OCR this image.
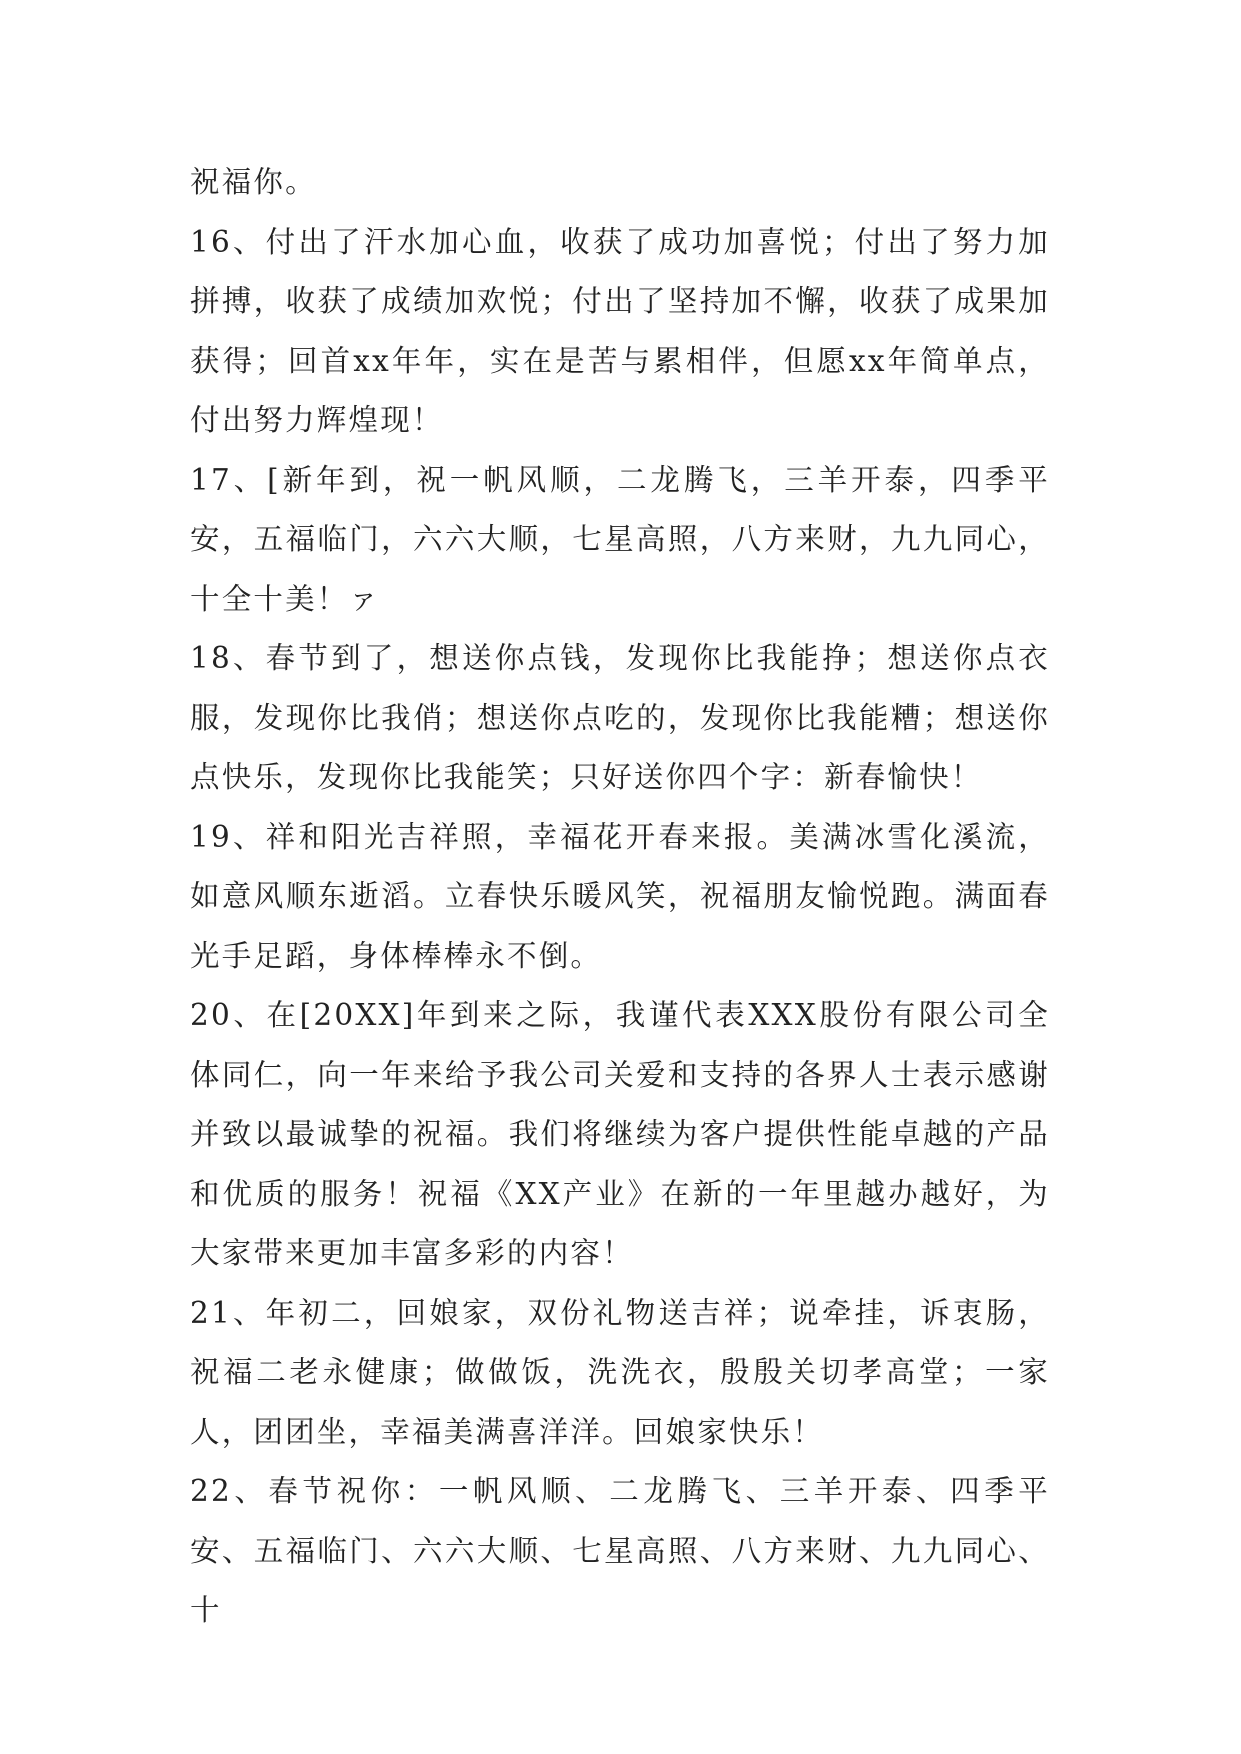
祝福你。

16、付出了汗水加心血，收获了成功加喜悦；付出了努力加拼搏，收获了成绩加欢悦；付出了坚持加不懈，收获了成果加获得；回首xx年年，实在是苦与累相伴，但愿xx年简单点，付出努力辉煌现！

17、[新年到，祝一帆风顺，二龙腾飞，三羊开泰，四季平安，五福临门，六六大顺，七星高照，八方来财，九九同心，十全十美！ァ

18、春节到了，想送你点钱，发现你比我能挣；想送你点衣服，发现你比我俏；想送你点吃的，发现你比我能糟；想送你点快乐，发现你比我能笑；只好送你四个字：新春愉快！

19、祥和阳光吉祥照，幸福花开春来报。美满冰雪化溪流，如意风顺东逝滔。立春快乐暖风笑，祝福朋友愉悦跑。满面春光手足蹈，身体棒棒永不倒。

20、在[20XX]年到来之际，我谨代表XXX股份有限公司全体同仁，向一年来给予我公司关爱和支持的各界人士表示感谢并致以最诚挚的祝福。我们将继续为客户提供性能卓越的产品和优质的服务！祝福《XX产业》在新的一年里越办越好，为大家带来更加丰富多彩的内容！

21、年初二，回娘家，双份礼物送吉祥；说牵挂，诉衷肠，祝福二老永健康；做做饭，洗洗衣，殷殷关切孝高堂；一家人，团团坐，幸福美满喜洋洋。回娘家快乐！

22、春节祝你：一帆风顺、二龙腾飞、三羊开泰、四季平安、五福临门、六六大顺、七星高照、八方来财、九九同心、十
